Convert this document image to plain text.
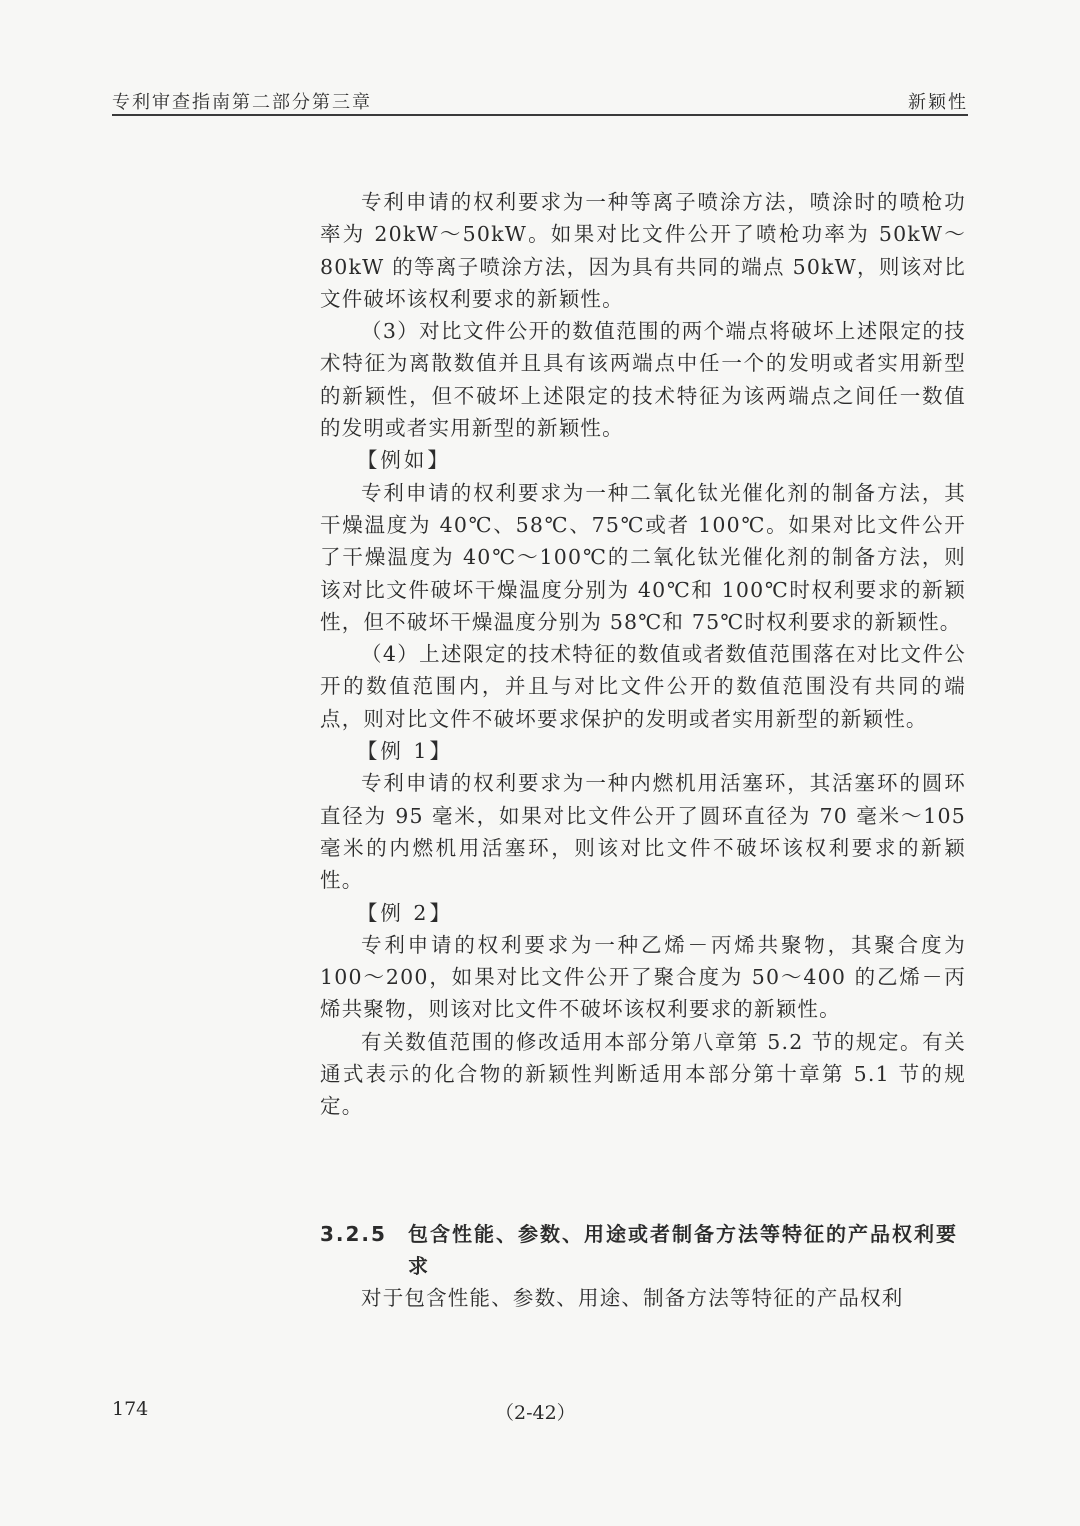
专利审查指南第二部分第三章	新颖性

专利申请的权利要求为一种等离子喷涂方法，喷涂时的喷枪功率为 20kW～50kW。如果对比文件公开了喷枪功率为 50kW～80kW 的等离子喷涂方法，因为具有共同的端点 50kW，则该对比文件破坏该权利要求的新颖性。

（3）对比文件公开的数值范围的两个端点将破坏上述限定的技术特征为离散数值并且具有该两端点中任一个的发明或者实用新型的新颖性，但不破坏上述限定的技术特征为该两端点之间任一数值的发明或者实用新型的新颖性。

【例如】

专利申请的权利要求为一种二氧化钛光催化剂的制备方法，其干燥温度为 40℃、58℃、75℃或者 100℃。如果对比文件公开了干燥温度为 40℃～100℃的二氧化钛光催化剂的制备方法，则该对比文件破坏干燥温度分别为 40℃和 100℃时权利要求的新颖性，但不破坏干燥温度分别为 58℃和 75℃时权利要求的新颖性。

（4）上述限定的技术特征的数值或者数值范围落在对比文件公开的数值范围内，并且与对比文件公开的数值范围没有共同的端点，则对比文件不破坏要求保护的发明或者实用新型的新颖性。

【例 1】

专利申请的权利要求为一种内燃机用活塞环，其活塞环的圆环直径为 95 毫米，如果对比文件公开了圆环直径为 70 毫米～105 毫米的内燃机用活塞环，则该对比文件不破坏该权利要求的新颖性。

【例 2】

专利申请的权利要求为一种乙烯－丙烯共聚物，其聚合度为 100～200，如果对比文件公开了聚合度为 50～400 的乙烯－丙烯共聚物，则该对比文件不破坏该权利要求的新颖性。

有关数值范围的修改适用本部分第八章第 5.2 节的规定。有关通式表示的化合物的新颖性判断适用本部分第十章第 5.1 节的规定。

3.2.5 包含性能、参数、用途或者制备方法等特征的产品权利要求

对于包含性能、参数、用途、制备方法等特征的产品权利

174	（2-42）
